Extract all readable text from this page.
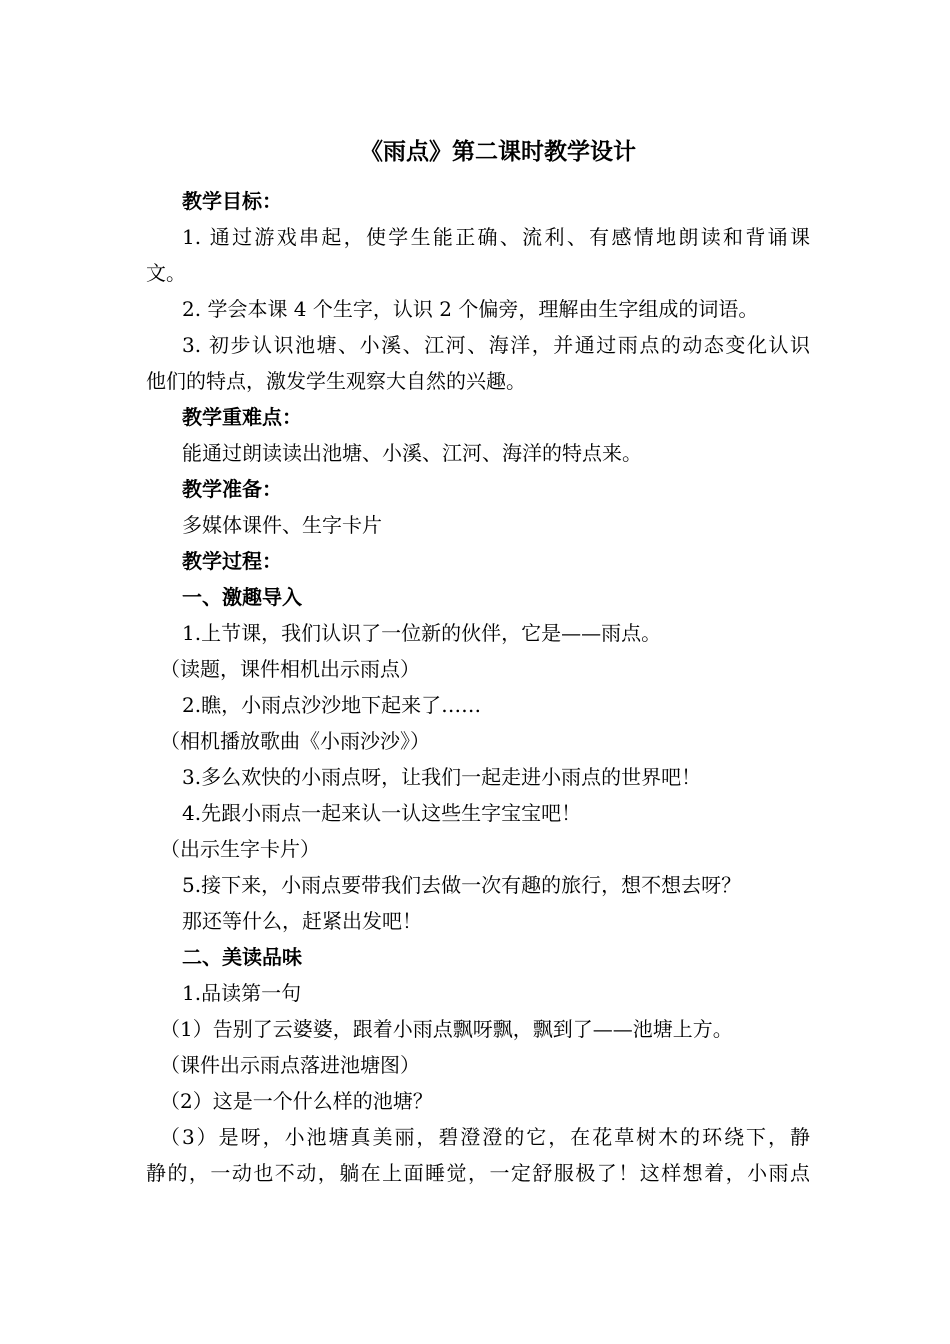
《雨点》第二课时教学设计
教学目标：
1. 通过游戏串起，使学生能正确、流利、有感情地朗读和背诵课
文。
2. 学会本课 4 个生字，认识 2 个偏旁，理解由生字组成的词语。
3. 初步认识池塘、小溪、江河、海洋，并通过雨点的动态变化认识
他们的特点，激发学生观察大自然的兴趣。
教学重难点：
能通过朗读读出池塘、小溪、江河、海洋的特点来。
教学准备：
多媒体课件、生字卡片
教学过程：
一、激趣导入
1.上节课，我们认识了一位新的伙伴，它是——雨点。
（读题，课件相机出示雨点）
2.瞧，小雨点沙沙地下起来了……
（相机播放歌曲《小雨沙沙》）
3.多么欢快的小雨点呀，让我们一起走进小雨点的世界吧！
4.先跟小雨点一起来认一认这些生字宝宝吧！
（出示生字卡片）
5.接下来，小雨点要带我们去做一次有趣的旅行，想不想去呀？
那还等什么，赶紧出发吧！
二、美读品味
1.品读第一句
（1）告别了云婆婆，跟着小雨点飘呀飘，飘到了——池塘上方。
（课件出示雨点落进池塘图）
（2）这是一个什么样的池塘？
（3）是呀，小池塘真美丽，碧澄澄的它，在花草树木的环绕下，静
静的，一动也不动，躺在上面睡觉，一定舒服极了！这样想着，小雨点
